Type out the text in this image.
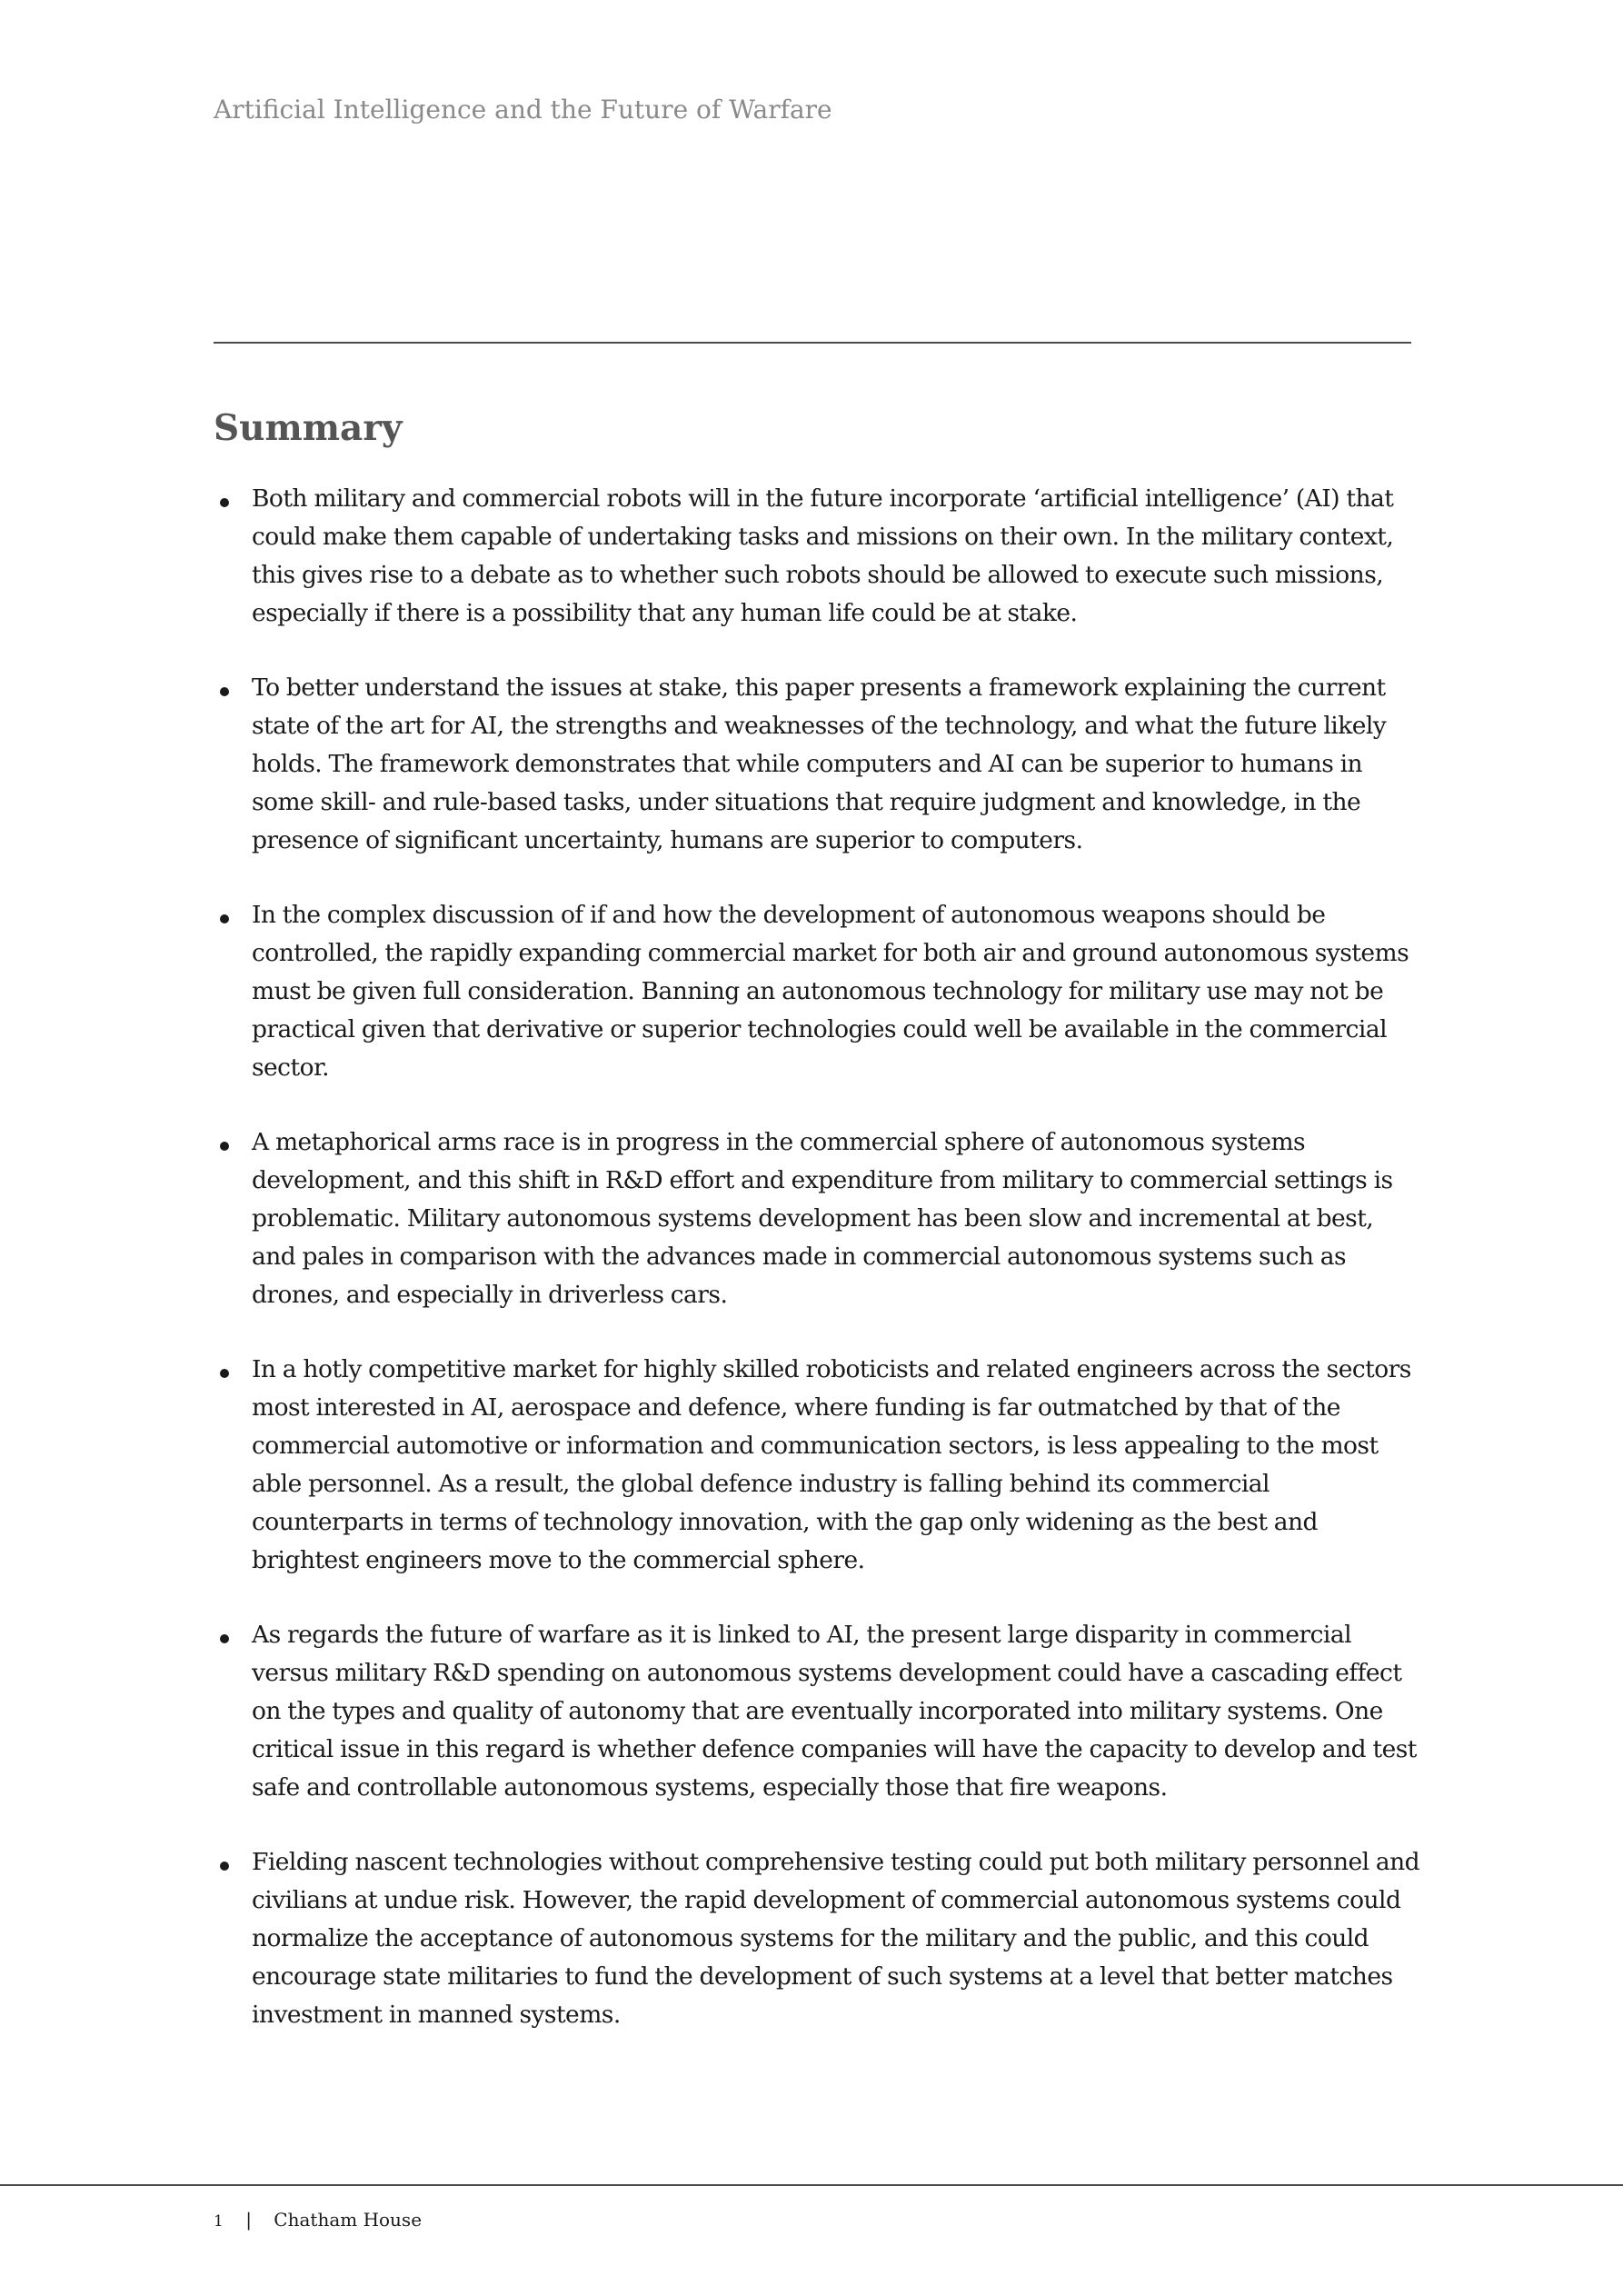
Artificial Intelligence and the Future of Warfare

Summary
Both military and commercial robots will in the future incorporate ‘artificial intelligence’ (AI) that could make them capable of undertaking tasks and missions on their own. In the military context, this gives rise to a debate as to whether such robots should be allowed to execute such missions, especially if there is a possibility that any human life could be at stake.
To better understand the issues at stake, this paper presents a framework explaining the current state of the art for AI, the strengths and weaknesses of the technology, and what the future likely holds. The framework demonstrates that while computers and AI can be superior to humans in some skill- and rule-based tasks, under situations that require judgment and knowledge, in the presence of significant uncertainty, humans are superior to computers.
In the complex discussion of if and how the development of autonomous weapons should be controlled, the rapidly expanding commercial market for both air and ground autonomous systems must be given full consideration. Banning an autonomous technology for military use may not be practical given that derivative or superior technologies could well be available in the commercial sector.
A metaphorical arms race is in progress in the commercial sphere of autonomous systems development, and this shift in R&D effort and expenditure from military to commercial settings is problematic. Military autonomous systems development has been slow and incremental at best, and pales in comparison with the advances made in commercial autonomous systems such as drones, and especially in driverless cars.
In a hotly competitive market for highly skilled roboticists and related engineers across the sectors most interested in AI, aerospace and defence, where funding is far outmatched by that of the commercial automotive or information and communication sectors, is less appealing to the most able personnel. As a result, the global defence industry is falling behind its commercial counterparts in terms of technology innovation, with the gap only widening as the best and brightest engineers move to the commercial sphere.
As regards the future of warfare as it is linked to AI, the present large disparity in commercial versus military R&D spending on autonomous systems development could have a cascading effect on the types and quality of autonomy that are eventually incorporated into military systems. One critical issue in this regard is whether defence companies will have the capacity to develop and test safe and controllable autonomous systems, especially those that fire weapons.
Fielding nascent technologies without comprehensive testing could put both military personnel and civilians at undue risk. However, the rapid development of commercial autonomous systems could normalize the acceptance of autonomous systems for the military and the public, and this could encourage state militaries to fund the development of such systems at a level that better matches investment in manned systems.
1 | Chatham House
